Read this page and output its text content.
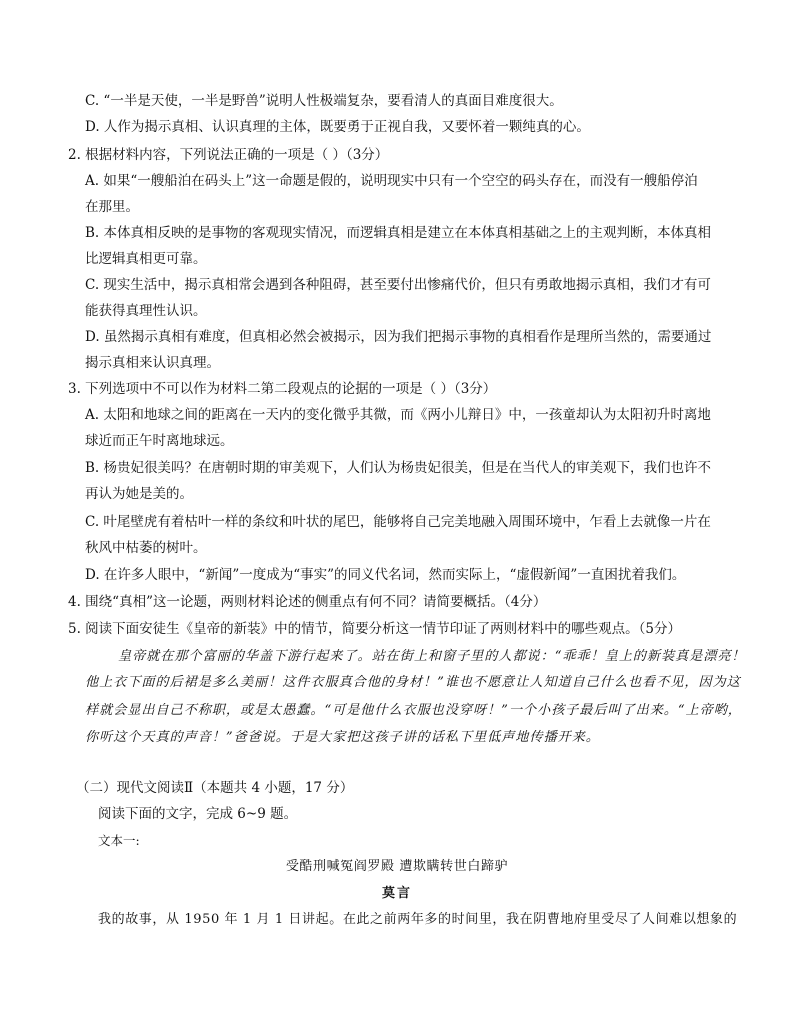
C. “一半是天使，一半是野兽”说明人性极端复杂，要看清人的真面目难度很大。
D. 人作为揭示真相、认识真理的主体，既要勇于正视自我，又要怀着一颗纯真的心。
2. 根据材料内容，下列说法正确的一项是（ ）（3分）
A. 如果“一艘船泊在码头上”这一命题是假的，说明现实中只有一个空空的码头存在，而没有一艘船停泊
在那里。
B. 本体真相反映的是事物的客观现实情况，而逻辑真相是建立在本体真相基础之上的主观判断，本体真相
比逻辑真相更可靠。
C. 现实生活中，揭示真相常会遇到各种阻碍，甚至要付出惨痛代价，但只有勇敢地揭示真相，我们才有可
能获得真理性认识。
D. 虽然揭示真相有难度，但真相必然会被揭示，因为我们把揭示事物的真相看作是理所当然的，需要通过
揭示真相来认识真理。
3. 下列选项中不可以作为材料二第二段观点的论据的一项是（ ）（3分）
A. 太阳和地球之间的距离在一天内的变化微乎其微，而《两小儿辩日》中，一孩童却认为太阳初升时离地
球近而正午时离地球远。
B. 杨贵妃很美吗？在唐朝时期的审美观下，人们认为杨贵妃很美，但是在当代人的审美观下，我们也许不
再认为她是美的。
C. 叶尾壁虎有着枯叶一样的条纹和叶状的尾巴，能够将自己完美地融入周围环境中，乍看上去就像一片在
秋风中枯萎的树叶。
D. 在许多人眼中，“新闻”一度成为“事实”的同义代名词，然而实际上，“虚假新闻”一直困扰着我们。
4. 围绕“真相”这一论题，两则材料论述的侧重点有何不同？请简要概括。（4分）
5. 阅读下面安徒生《皇帝的新装》中的情节，简要分析这一情节印证了两则材料中的哪些观点。（5分）
皇帝就在那个富丽的华盖下游行起来了。站在街上和窗子里的人都说：“乖乖！皇上的新装真是漂亮！
他上衣下面的后裙是多么美丽！这件衣服真合他的身材！”谁也不愿意让人知道自己什么也看不见，因为这
样就会显出自己不称职，或是太愚蠢。“可是他什么衣服也没穿呀！”一个小孩子最后叫了出来。“上帝哟，
你听这个天真的声音！”爸爸说。于是大家把这孩子讲的话私下里低声地传播开来。
（二）现代文阅读Ⅱ（本题共 4 小题，17 分）
阅读下面的文字，完成 6~9 题。
文本一:
受酷刑喊冤阎罗殿 遭欺瞒转世白蹄驴
莫言
我的故事，从 1950 年 1 月 1 日讲起。在此之前两年多的时间里，我在阴曹地府里受尽了人间难以想象的
